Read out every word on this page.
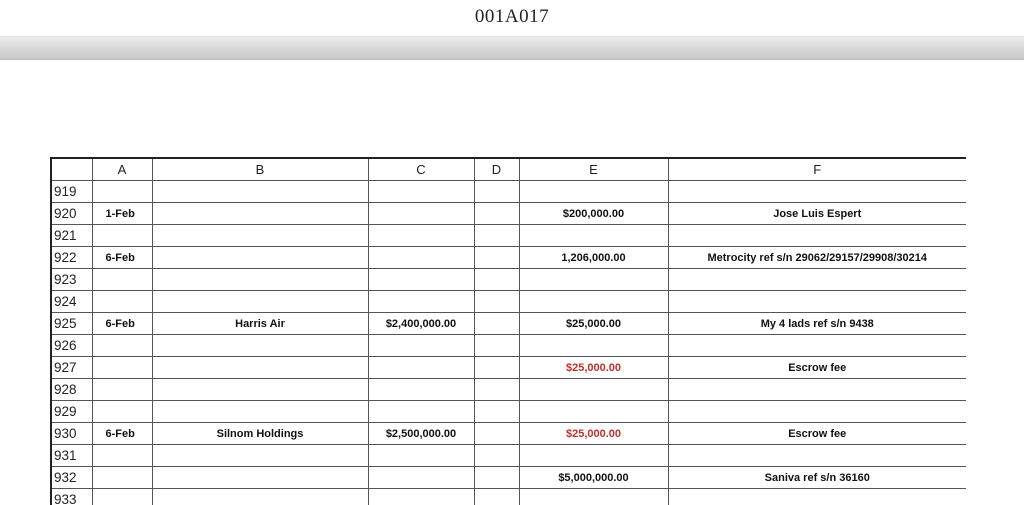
001A017
	A	B	C	D	E	F
919						
920	1-Feb				$200,000.00	Jose Luis Espert
921						
922	6-Feb				1,206,000.00	Metrocity ref s/n 29062/29157/29908/30214
923						
924						
925	6-Feb	Harris Air	$2,400,000.00		$25,000.00	My 4 lads ref s/n 9438
926						
927					$25,000.00	Escrow fee
928						
929						
930	6-Feb	Silnom Holdings	$2,500,000.00		$25,000.00	Escrow fee
931						
932					$5,000,000.00	Saniva ref s/n 36160
933						
